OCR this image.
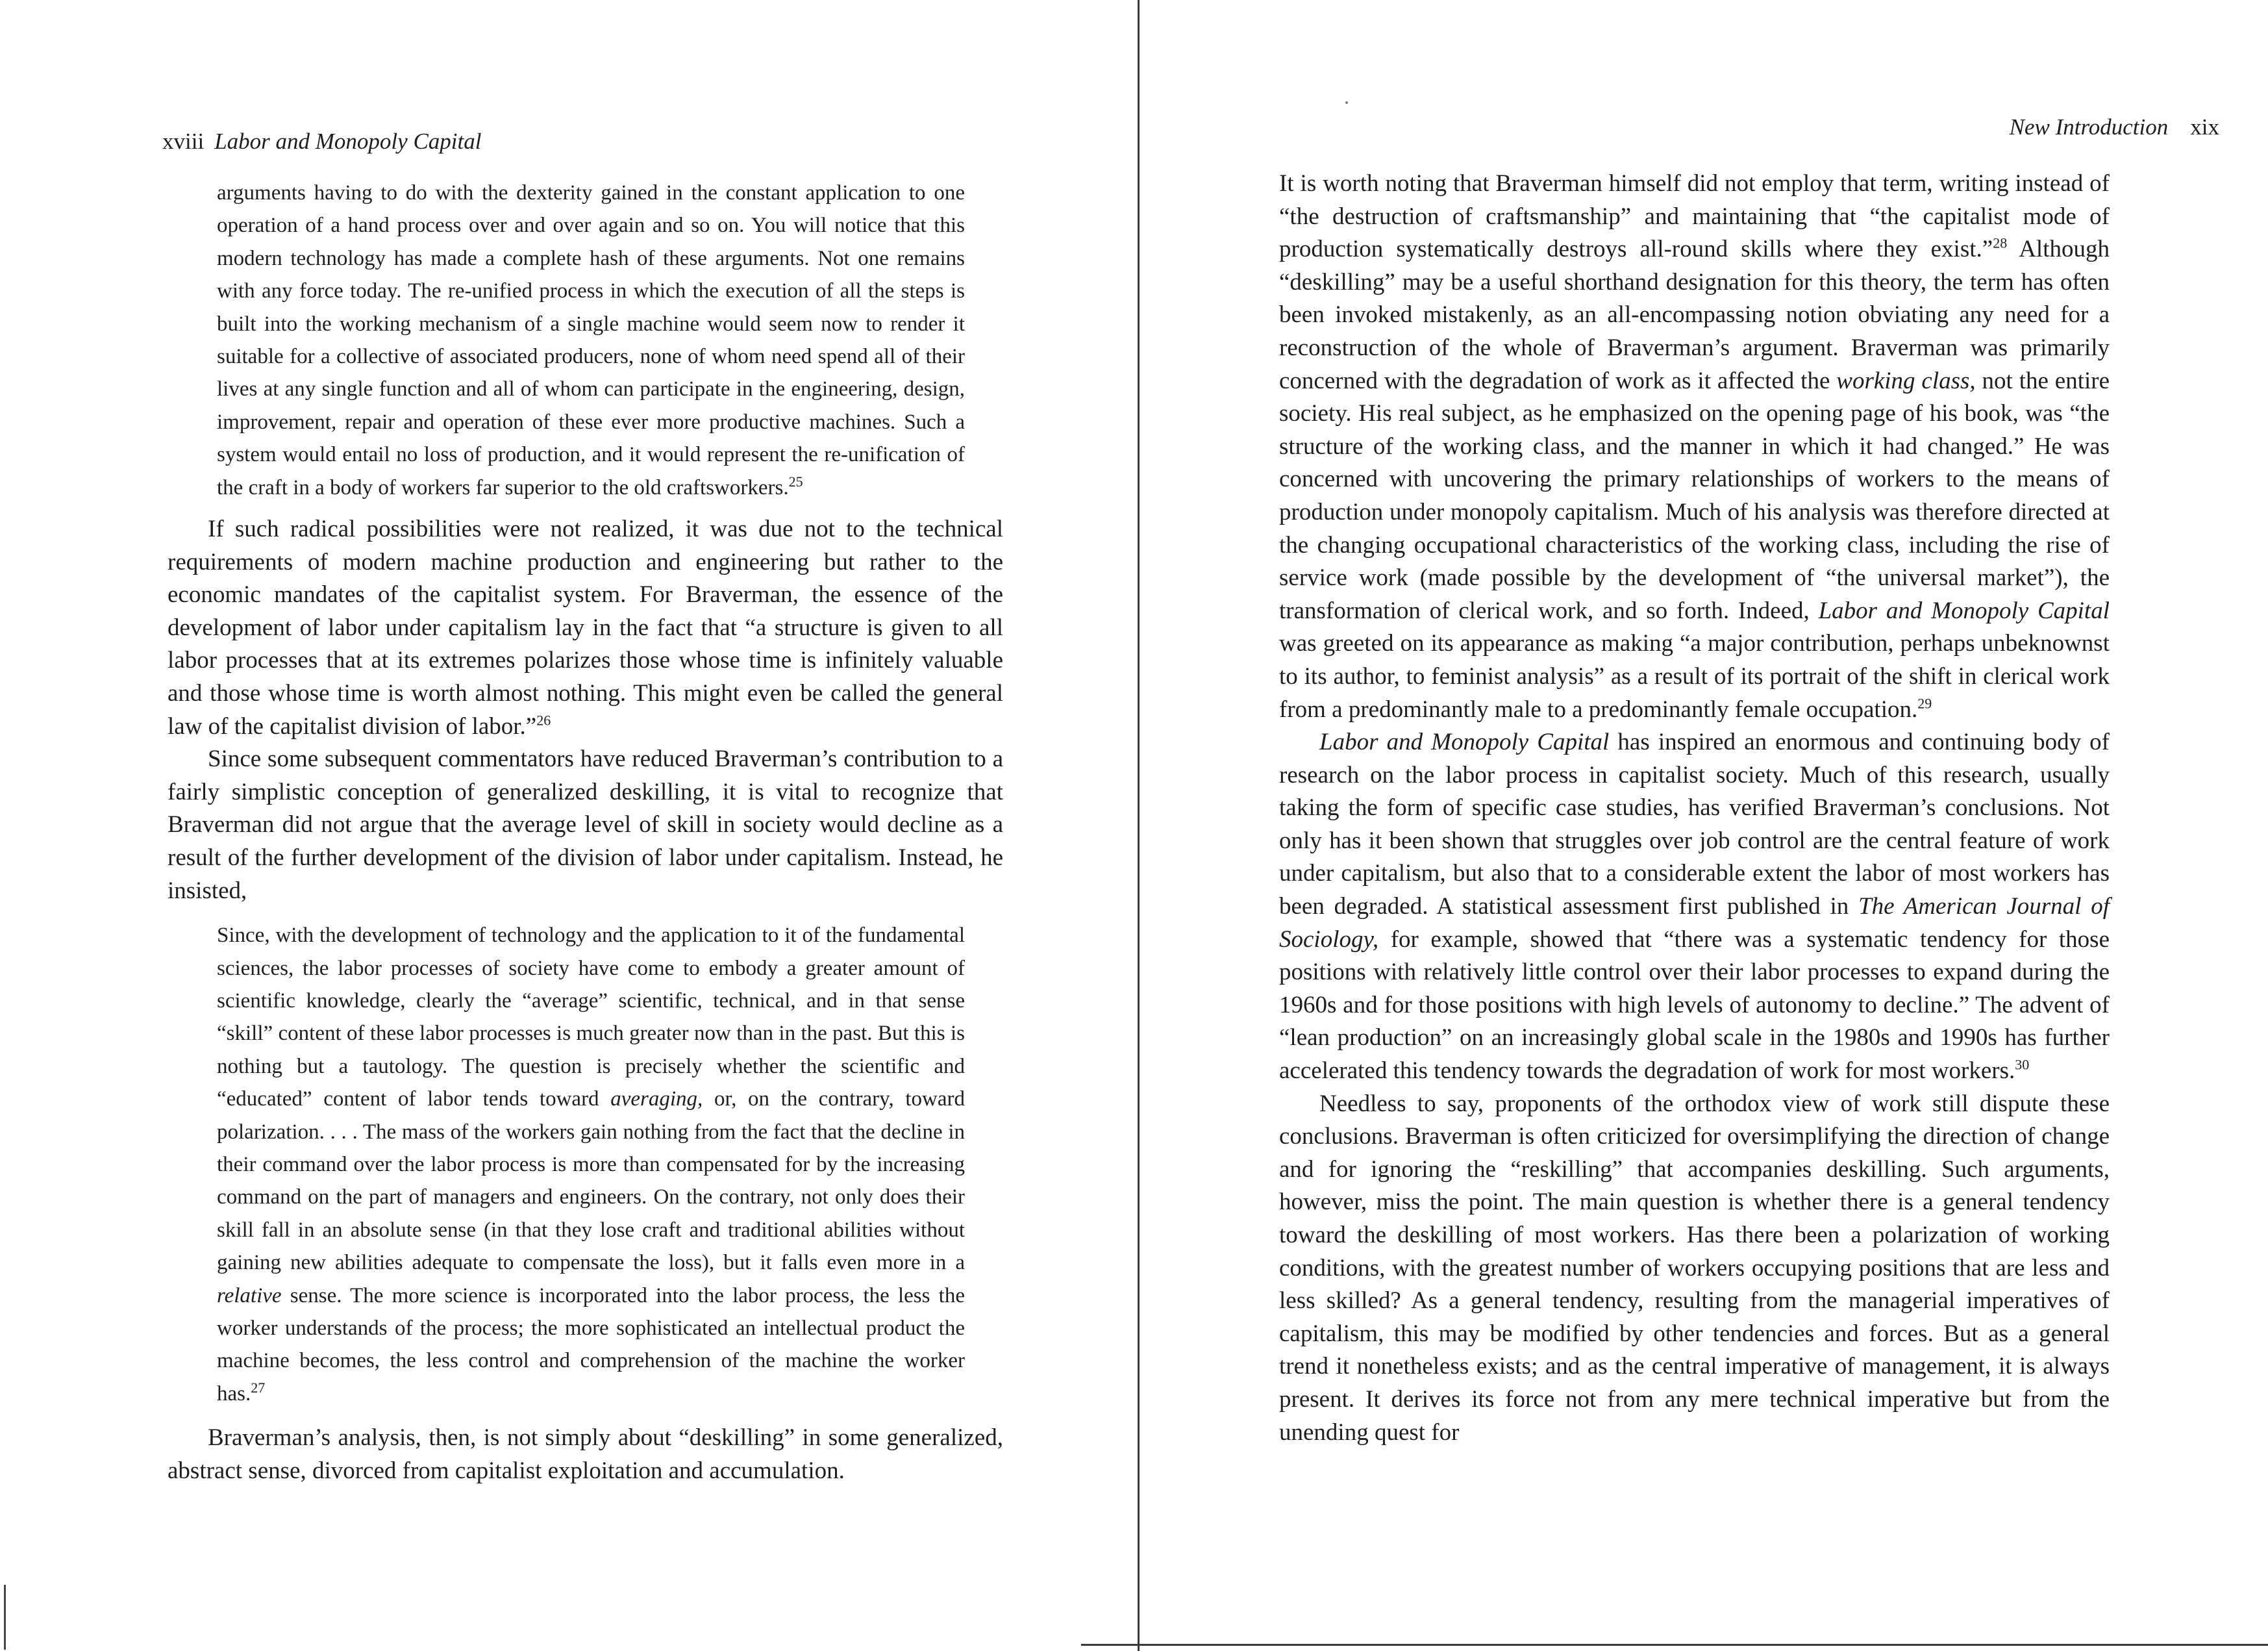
xviii Labor and Monopoly Capital

arguments having to do with the dexterity gained in the constant application to one operation of a hand process over and over again and so on. You will notice that this modern technology has made a complete hash of these arguments. Not one remains with any force today. The re-unified process in which the execution of all the steps is built into the working mechanism of a single machine would seem now to render it suitable for a collective of associated producers, none of whom need spend all of their lives at any single function and all of whom can participate in the engineering, design, improvement, repair and operation of these ever more productive machines. Such a system would entail no loss of production, and it would represent the re-unification of the craft in a body of workers far superior to the old craftsworkers.$^{25}$

If such radical possibilities were not realized, it was due not to the technical requirements of modern machine production and engineering but rather to the economic mandates of the capitalist system. For Braverman, the essence of the development of labor under capitalism lay in the fact that “a structure is given to all labor processes that at its extremes polarizes those whose time is infinitely valuable and those whose time is worth almost nothing. This might even be called the general law of the capitalist division of labor.”$^{26}$

Since some subsequent commentators have reduced Braverman’s contribution to a fairly simplistic conception of generalized deskilling, it is vital to recognize that Braverman did not argue that the average level of skill in society would decline as a result of the further development of the division of labor under capitalism. Instead, he insisted,

Since, with the development of technology and the application to it of the fundamental sciences, the labor processes of society have come to embody a greater amount of scientific knowledge, clearly the “average” scientific, technical, and in that sense “skill” content of these labor processes is much greater now than in the past. But this is nothing but a tautology. The question is precisely whether the scientific and “educated” content of labor tends toward averaging, or, on the contrary, toward polarization. . . . The mass of the workers gain nothing from the fact that the decline in their command over the labor process is more than compensated for by the increasing command on the part of managers and engineers. On the contrary, not only does their skill fall in an absolute sense (in that they lose craft and traditional abilities without gaining new abilities adequate to compensate the loss), but it falls even more in a relative sense. The more science is incorporated into the labor process, the less the worker understands of the process; the more sophisticated an intellectual product the machine becomes, the less control and comprehension of the machine the worker has.$^{27}$

Braverman’s analysis, then, is not simply about “deskilling” in some generalized, abstract sense, divorced from capitalist exploitation and accumulation.

New Introduction xix

It is worth noting that Braverman himself did not employ that term, writing instead of “the destruction of craftsmanship” and maintaining that “the capitalist mode of production systematically destroys all-round skills where they exist.”$^{28}$ Although “deskilling” may be a useful shorthand designation for this theory, the term has often been invoked mistakenly, as an all-encompassing notion obviating any need for a reconstruction of the whole of Braverman’s argument. Braverman was primarily concerned with the degradation of work as it affected the working class, not the entire society. His real subject, as he emphasized on the opening page of his book, was “the structure of the working class, and the manner in which it had changed.” He was concerned with uncovering the primary relationships of workers to the means of production under monopoly capitalism. Much of his analysis was therefore directed at the changing occupational characteristics of the working class, including the rise of service work (made possible by the development of “the universal market”), the transformation of clerical work, and so forth. Indeed, Labor and Monopoly Capital was greeted on its appearance as making “a major contribution, perhaps unbeknownst to its author, to feminist analysis” as a result of its portrait of the shift in clerical work from a predominantly male to a predominantly female occupation.$^{29}$

Labor and Monopoly Capital has inspired an enormous and continuing body of research on the labor process in capitalist society. Much of this research, usually taking the form of specific case studies, has verified Braverman’s conclusions. Not only has it been shown that struggles over job control are the central feature of work under capitalism, but also that to a considerable extent the labor of most workers has been degraded. A statistical assessment first published in The American Journal of Sociology, for example, showed that “there was a systematic tendency for those positions with relatively little control over their labor processes to expand during the 1960s and for those positions with high levels of autonomy to decline.” The advent of “lean production” on an increasingly global scale in the 1980s and 1990s has further accelerated this tendency towards the degradation of work for most workers.$^{30}$

Needless to say, proponents of the orthodox view of work still dispute these conclusions. Braverman is often criticized for oversimplifying the direction of change and for ignoring the “reskilling” that accompanies deskilling. Such arguments, however, miss the point. The main question is whether there is a general tendency toward the deskilling of most workers. Has there been a polarization of working conditions, with the greatest number of workers occupying positions that are less and less skilled? As a general tendency, resulting from the managerial imperatives of capitalism, this may be modified by other tendencies and forces. But as a general trend it nonetheless exists; and as the central imperative of management, it is always present. It derives its force not from any mere technical imperative but from the unending quest for
